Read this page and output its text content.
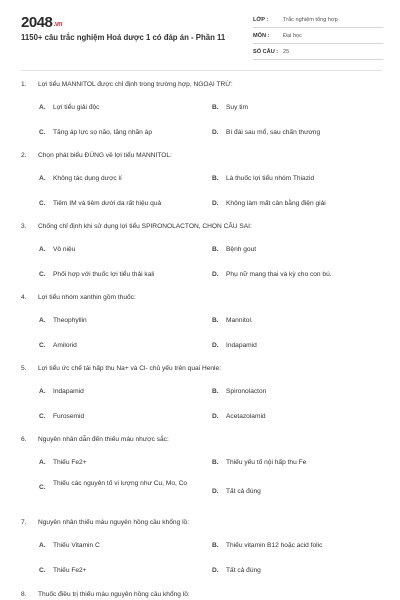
2048.vn
1150+ câu trắc nghiệm Hoá dược 1 có đáp án - Phần 11
LỚP :	Trắc nghiệm tổng hợp
MÔN : Đại học
SỐ CÂU : 25
1. Lợi tiểu MANNITOL được chỉ định trong trường hợp, NGOẠI TRỪ:
A. Lợi tiểu giải độc	B. Suy tim
C. Tăng áp lực sọ não, tăng nhãn áp	D. Bí đái sau mổ, sau chấn thương
2. Chọn phát biểu ĐÚNG về lợi tiểu MANNITOL:
A. Không tác dụng dược lí	B. Là thuốc lợi tiểu nhóm Thiazid
C. Tiêm IM và tiêm dưới da rất hiệu quả	D. Không làm mất cân bằng điện giải
3. Chống chỉ định khi sử dụng lợi tiểu SPIRONOLACTON, CHỌN CÂU SAI:
A. Vô niệu	B. Bệnh gout
C. Phối hợp với thuốc lợi tiểu thải kali	D. Phụ nữ mang thai và kỳ cho con bú.
4. Lợi tiểu nhóm xanthin gồm thuốc:
A. Theophyllin	B. Mannitol.
C. Amilorid	D. Indapamid
5. Lợi tiểu ức chế tái hấp thu Na+ và Cl- chủ yếu trên quai Henle:
A. Indapamid	B. Spironolacton
C. Furosemid	D. Acetazolamid
6. Nguyên nhân dẫn đến thiếu máu nhược sắc:
A. Thiếu Fe2+	B. Thiếu yếu tố nội hấp thu Fe
C.
Thiếu các nguyên tố vi lượng như Cu, Mo, Co
D. Tất cả đúng
7. Nguyên nhân thiếu máu nguyên hồng cầu khổng lồ:
A. Thiếu Vitamin C	B. Thiếu vitamin B12 hoặc acid folic
C. Thiếu Fe2+	D. Tất cả đúng
8. Thuốc điều trị thiếu máu nguyên hồng cầu khổng lồ:
